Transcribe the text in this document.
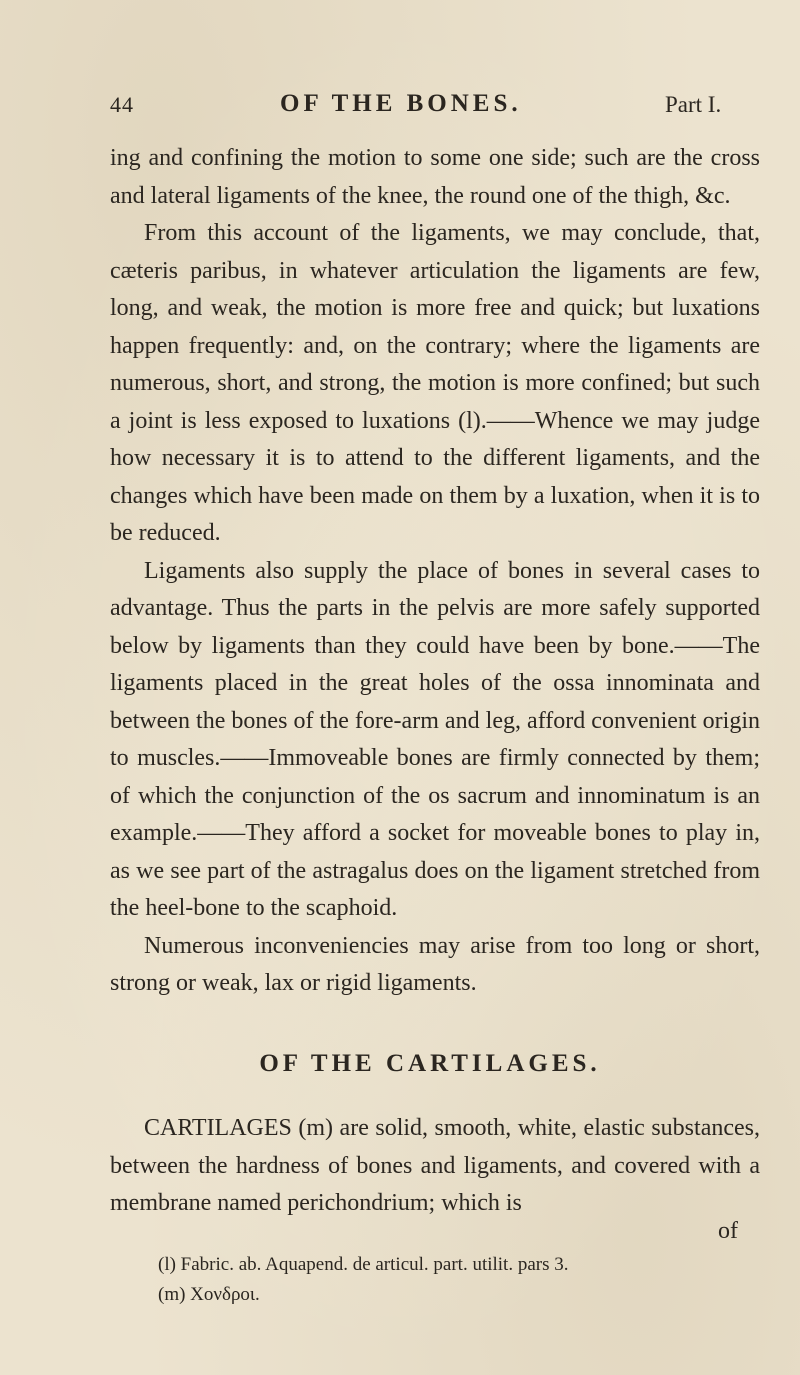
44	OF THE BONES.	Part I.

ing and confining the motion to some one side; such are the cross and lateral ligaments of the knee, the round one of the thigh, &c.

From this account of the ligaments, we may conclude, that, cæteris paribus, in whatever articulation the ligaments are few, long, and weak, the motion is more free and quick; but luxations happen frequently: and, on the contrary; where the ligaments are numerous, short, and strong, the motion is more confined; but such a joint is less exposed to luxations (l).——Whence we may judge how necessary it is to attend to the different ligaments, and the changes which have been made on them by a luxation, when it is to be reduced.

Ligaments also supply the place of bones in several cases to advantage. Thus the parts in the pelvis are more safely supported below by ligaments than they could have been by bone.——The ligaments placed in the great holes of the ossa innominata and between the bones of the fore-arm and leg, afford convenient origin to muscles.——Immoveable bones are firmly connected by them; of which the conjunction of the os sacrum and innominatum is an example.——They afford a socket for moveable bones to play in, as we see part of the astragalus does on the ligament stretched from the heel-bone to the scaphoid.

Numerous inconveniencies may arise from too long or short, strong or weak, lax or rigid ligaments.

OF THE CARTILAGES.
CARTILAGES (m) are solid, smooth, white, elastic substances, between the hardness of bones and ligaments, and covered with a membrane named perichondrium; which is
of
(l) Fabric. ab. Aquapend. de articul. part. utilit. pars 3.
(m) Χονδροι.
